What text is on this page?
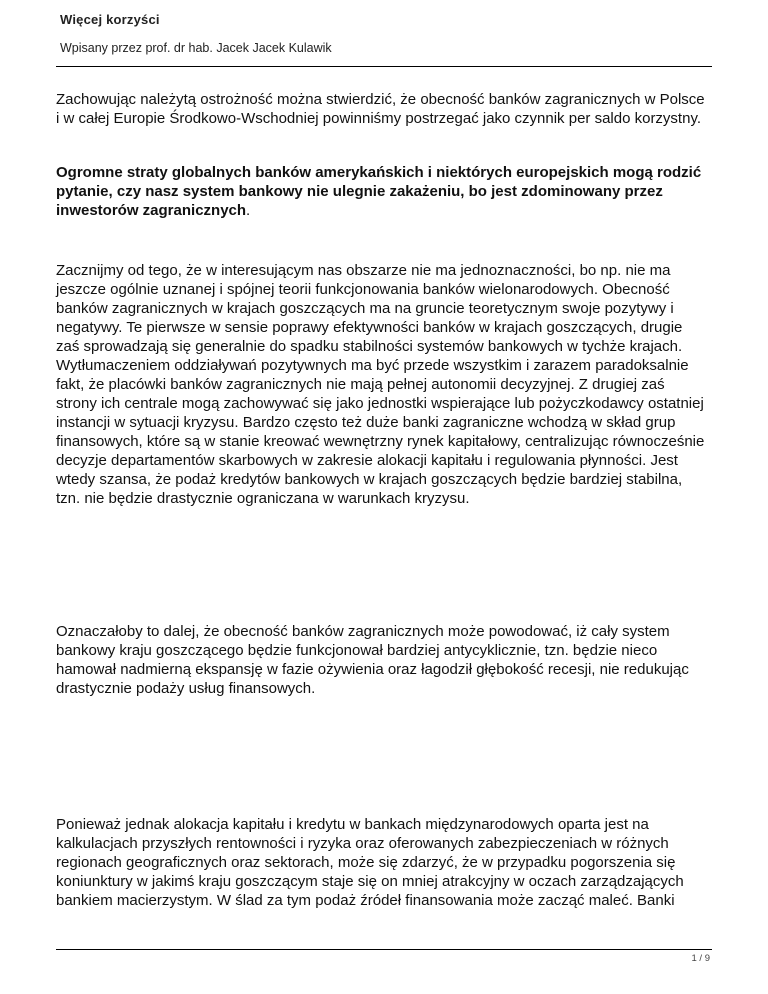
Więcej korzyści
Wpisany przez prof. dr hab. Jacek Jacek Kulawik

Zachowując należytą ostrożność można stwierdzić, że obecność banków zagranicznych w Polsce i w całej Europie Środkowo-Wschodniej powinniśmy postrzegać jako czynnik per saldo korzystny.

Ogromne straty globalnych banków amerykańskich i niektórych europejskich mogą rodzić pytanie, czy nasz system bankowy nie ulegnie zakażeniu, bo jest zdominowany przez inwestorów zagranicznych.

Zacznijmy od tego, że w interesującym nas obszarze nie ma jednoznaczności, bo np. nie ma jeszcze ogólnie uznanej i spójnej teorii funkcjonowania banków wielonarodowych. Obecność banków zagranicznych w krajach goszczących ma na gruncie teoretycznym swoje pozytywy i negatywy. Te pierwsze w sensie poprawy efektywności banków w krajach goszczących, drugie zaś sprowadzają się generalnie do spadku stabilności systemów bankowych w tychże krajach. Wytłumaczeniem oddziaływań pozytywnych ma być przede wszystkim i zarazem paradoksalnie fakt, że placówki banków zagranicznych nie mają pełnej autonomii decyzyjnej. Z drugiej zaś strony ich centrale mogą zachowywać się jako jednostki wspierające lub pożyczkodawcy ostatniej instancji w sytuacji kryzysu. Bardzo często też duże banki zagraniczne wchodzą w skład grup finansowych, które są w stanie kreować wewnętrzny rynek kapitałowy, centralizując równocześnie decyzje departamentów skarbowych w zakresie alokacji kapitału i regulowania płynności. Jest wtedy szansa, że podaż kredytów bankowych w krajach goszczących będzie bardziej stabilna, tzn. nie będzie drastycznie ograniczana w warunkach kryzysu.

Oznaczałoby to dalej, że obecność banków zagranicznych może powodować, iż cały system bankowy kraju goszczącego będzie funkcjonował bardziej antycyklicznie, tzn. będzie nieco hamował nadmierną ekspansję w fazie ożywienia oraz łagodził głębokość recesji, nie redukując drastycznie podaży usług finansowych.

Ponieważ jednak alokacja kapitału i kredytu w bankach międzynarodowych oparta jest na kalkulacjach przyszłych rentowności i ryzyka oraz oferowanych zabezpieczeniach w różnych regionach geograficznych oraz sektorach, może się zdarzyć, że w przypadku pogorszenia się koniunktury w jakimś kraju goszczącym staje się on mniej atrakcyjny w oczach zarządzających bankiem macierzystym. W ślad za tym podaż źródeł finansowania może zacząć maleć. Banki

1 / 9
